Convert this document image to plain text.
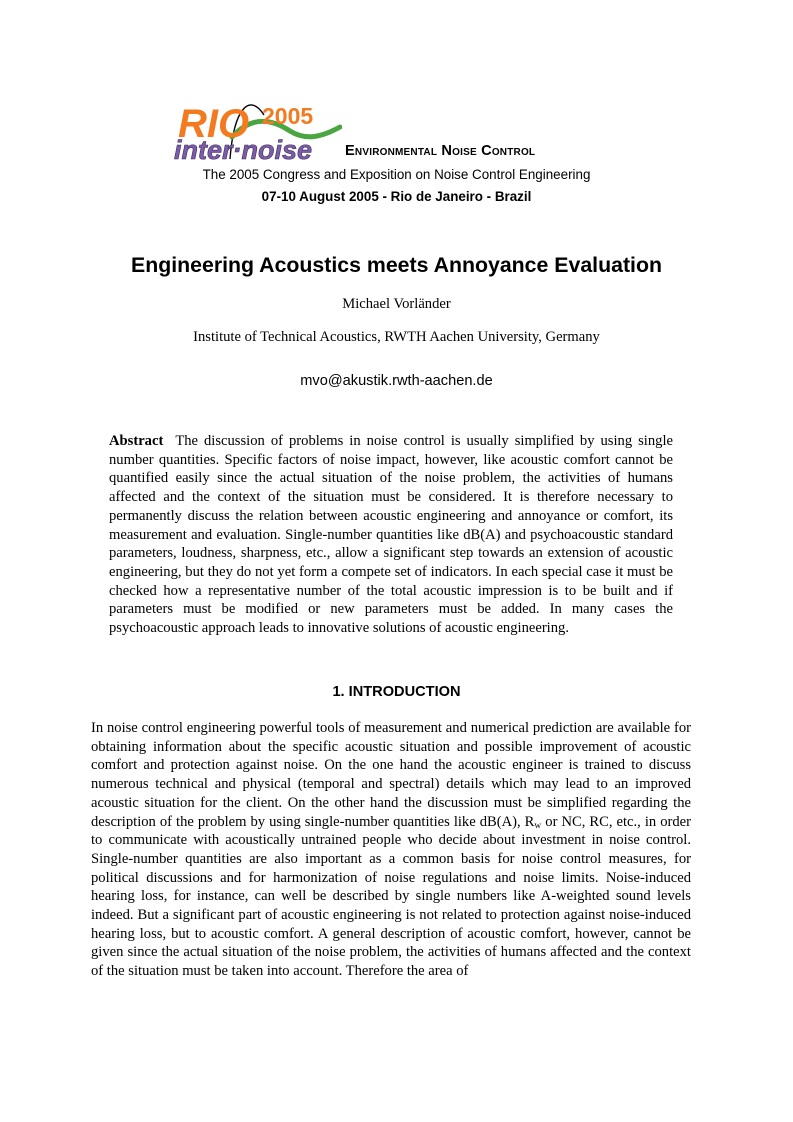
RIO 2005
inter·noise Environmental Noise Control

The 2005 Congress and Exposition on Noise Control Engineering

07-10 August 2005 - Rio de Janeiro - Brazil

Engineering Acoustics meets Annoyance Evaluation

Michael Vorländer

Institute of Technical Acoustics, RWTH Aachen University, Germany

mvo@akustik.rwth-aachen.de

Abstract The discussion of problems in noise control is usually simplified by using single number quantities. Specific factors of noise impact, however, like acoustic comfort cannot be quantified easily since the actual situation of the noise problem, the activities of humans affected and the context of the situation must be considered. It is therefore necessary to permanently discuss the relation between acoustic engineering and annoyance or comfort, its measurement and evaluation. Single-number quantities like dB(A) and psychoacoustic standard parameters, loudness, sharpness, etc., allow a significant step towards an extension of acoustic engineering, but they do not yet form a compete set of indicators. In each special case it must be checked how a representative number of the total acoustic impression is to be built and if parameters must be modified or new parameters must be added. In many cases the psychoacoustic approach leads to innovative solutions of acoustic engineering.

1. INTRODUCTION

In noise control engineering powerful tools of measurement and numerical prediction are available for obtaining information about the specific acoustic situation and possible improvement of acoustic comfort and protection against noise. On the one hand the acoustic engineer is trained to discuss numerous technical and physical (temporal and spectral) details which may lead to an improved acoustic situation for the client. On the other hand the discussion must be simplified regarding the description of the problem by using single-number quantities like dB(A), $R_w$ or NC, RC, etc., in order to communicate with acoustically untrained people who decide about investment in noise control. Single-number quantities are also important as a common basis for noise control measures, for political discussions and for harmonization of noise regulations and noise limits. Noise-induced hearing loss, for instance, can well be described by single numbers like A-weighted sound levels indeed. But a significant part of acoustic engineering is not related to protection against noise-induced hearing loss, but to acoustic comfort. A general description of acoustic comfort, however, cannot be given since the actual situation of the noise problem, the activities of humans affected and the context of the situation must be taken into account. Therefore the area of
